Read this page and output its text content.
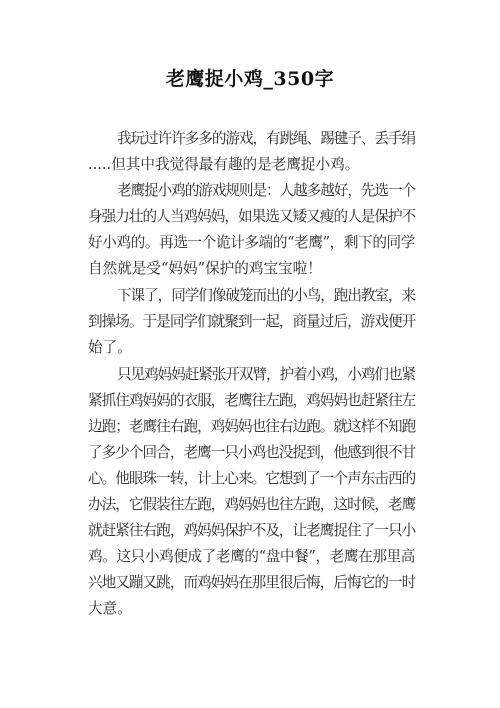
老鹰捉小鸡_350字
我玩过许许多多的游戏，有跳绳、踢毽子、丢手绢
.....但其中我觉得最有趣的是老鹰捉小鸡。
老鹰捉小鸡的游戏规则是：人越多越好，先选一个
身强力壮的人当鸡妈妈，如果选又矮又瘦的人是保护不
好小鸡的。再选一个诡计多端的“老鹰”，剩下的同学
自然就是受“妈妈”保护的鸡宝宝啦！
下课了，同学们像破笼而出的小鸟，跑出教室，来
到操场。于是同学们就聚到一起，商量过后，游戏便开
始了。
只见鸡妈妈赶紧张开双臂，护着小鸡，小鸡们也紧
紧抓住鸡妈妈的衣服，老鹰往左跑，鸡妈妈也赶紧往左
边跑；老鹰往右跑，鸡妈妈也往右边跑。就这样不知跑
了多少个回合，老鹰一只小鸡也没捉到，他感到很不甘
心。他眼珠一转，计上心来。它想到了一个声东击西的
办法，它假装往左跑，鸡妈妈也往左跑，这时候，老鹰
就赶紧往右跑，鸡妈妈保护不及，让老鹰捉住了一只小
鸡。这只小鸡便成了老鹰的“盘中餐”，老鹰在那里高
兴地又蹦又跳，而鸡妈妈在那里很后悔，后悔它的一时
大意。
